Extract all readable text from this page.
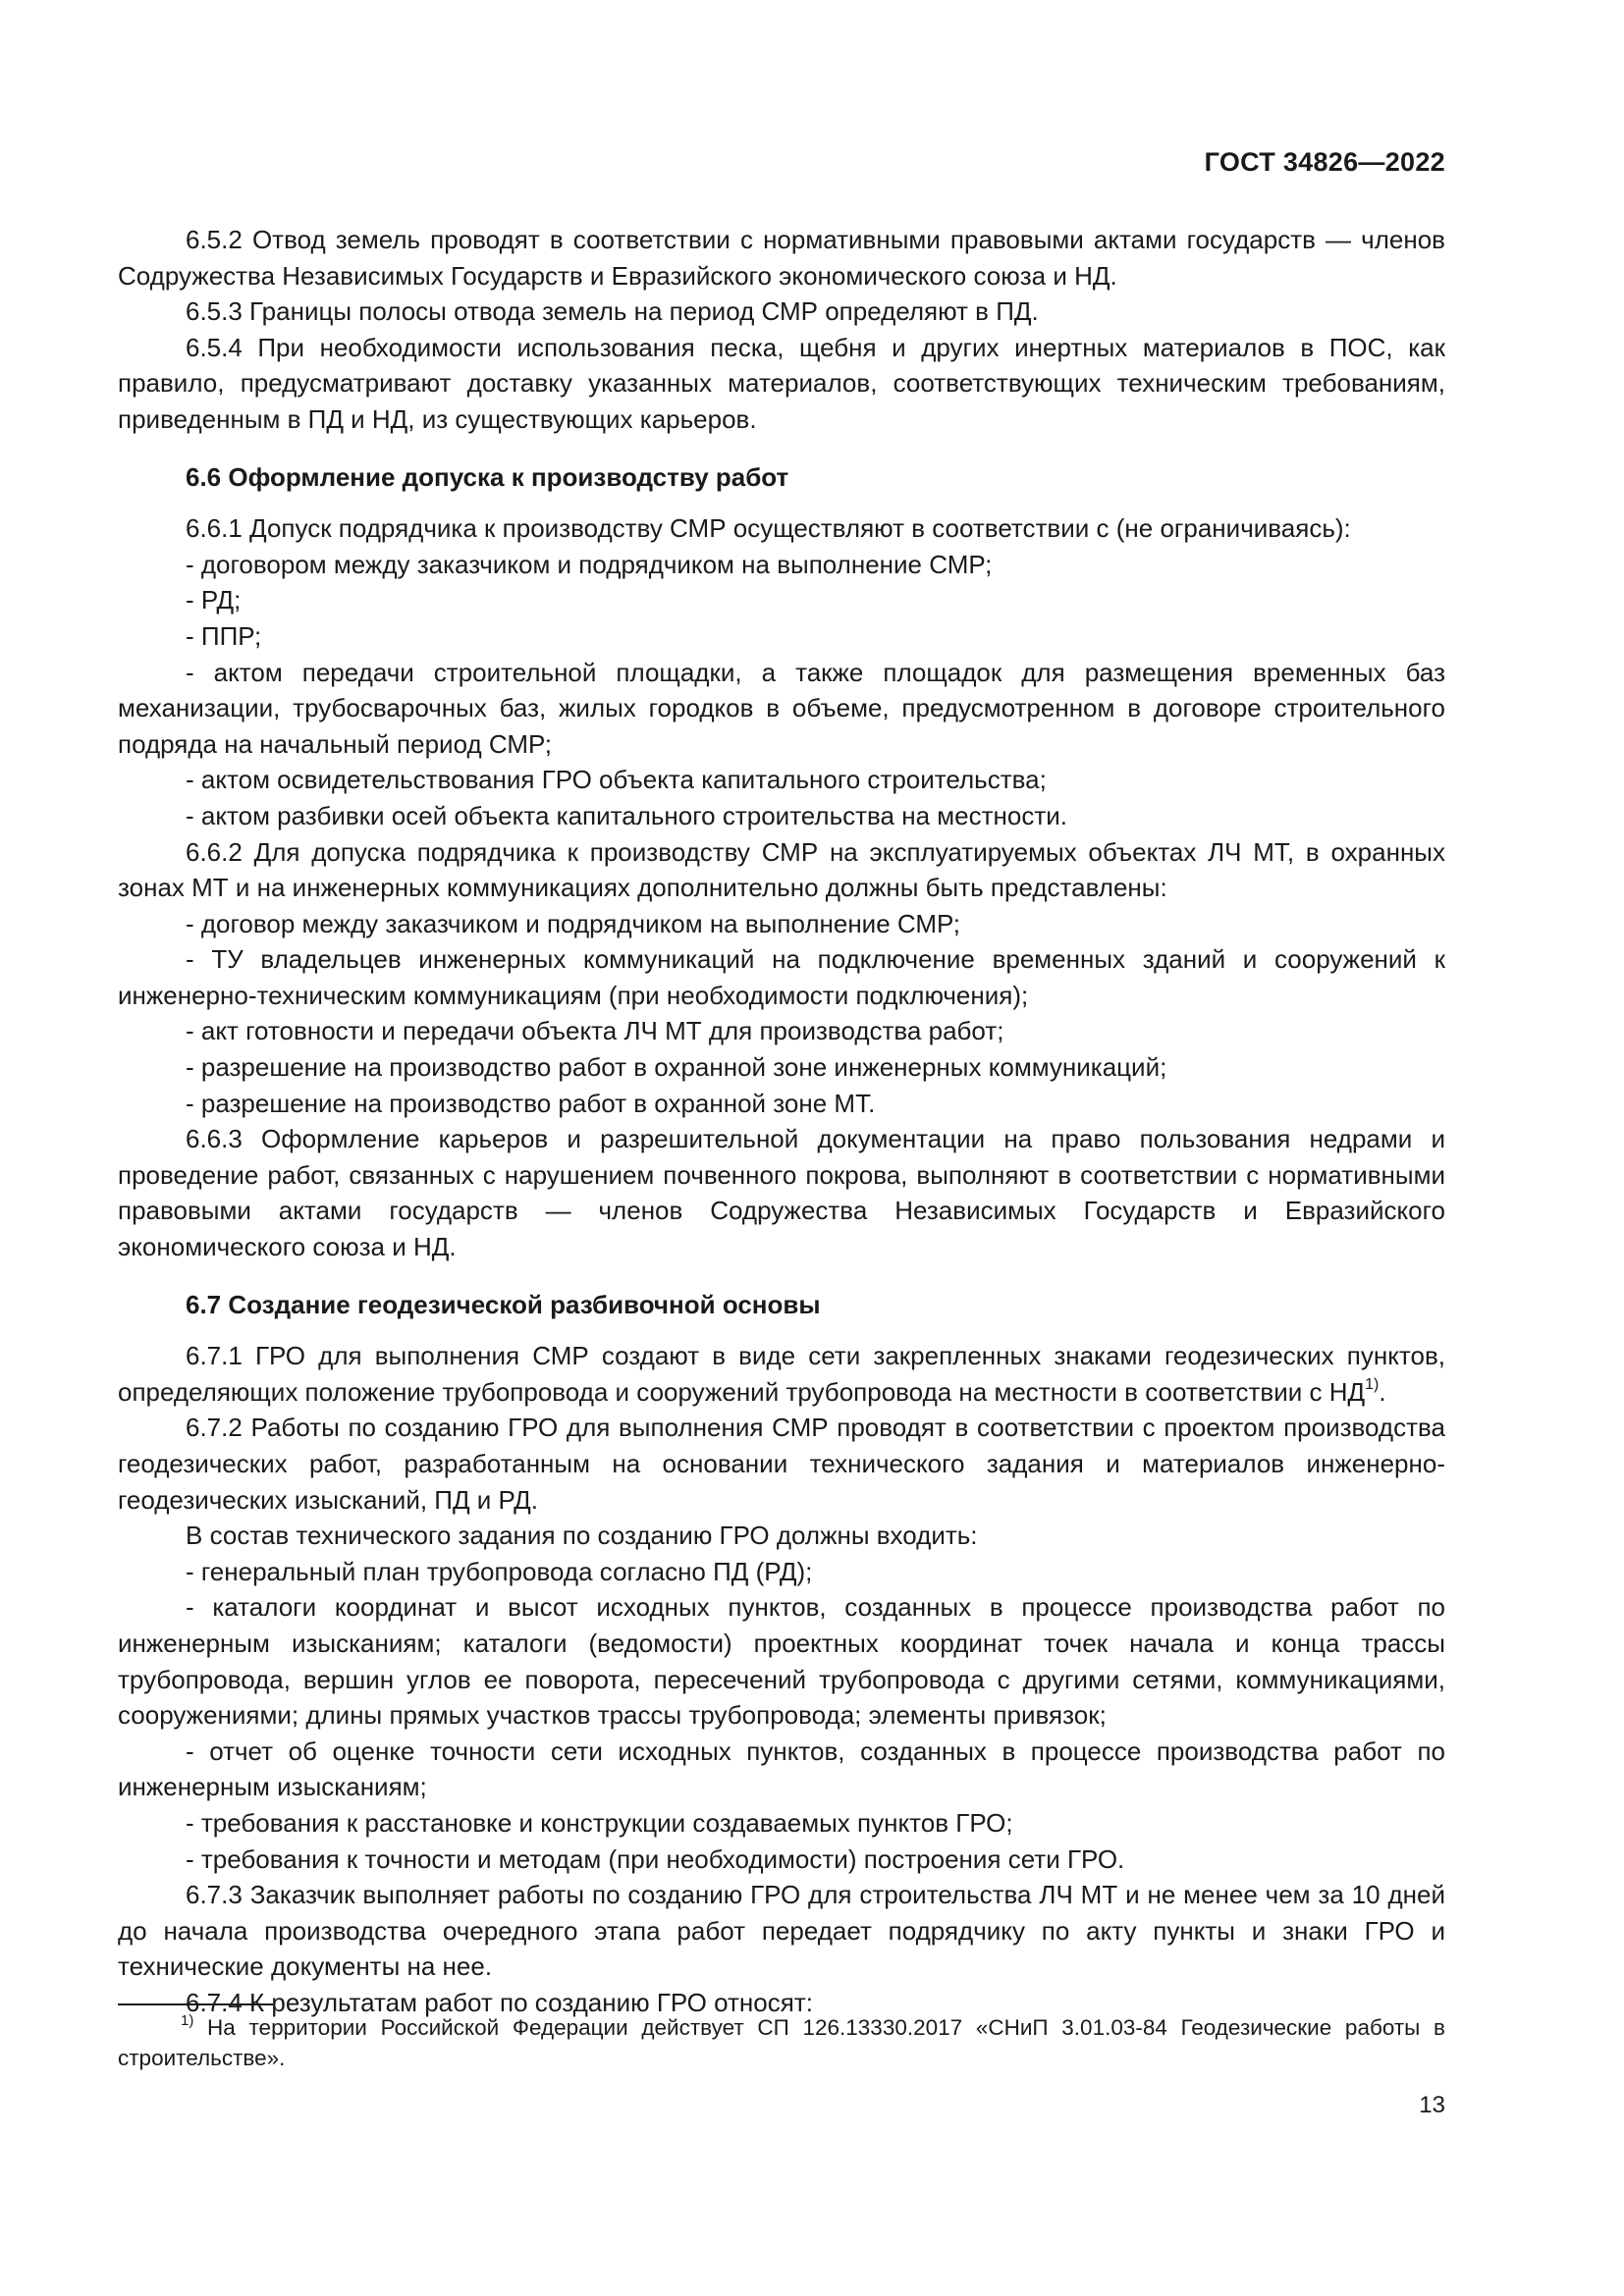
ГОСТ 34826—2022

6.5.2 Отвод земель проводят в соответствии с нормативными правовыми актами государств — членов Содружества Независимых Государств и Евразийского экономического союза и НД.

6.5.3 Границы полосы отвода земель на период СМР определяют в ПД.

6.5.4 При необходимости использования песка, щебня и других инертных материалов в ПОС, как правило, предусматривают доставку указанных материалов, соответствующих техническим требованиям, приведенным в ПД и НД, из существующих карьеров.

6.6 Оформление допуска к производству работ

6.6.1 Допуск подрядчика к производству СМР осуществляют в соответствии с (не ограничиваясь):

- договором между заказчиком и подрядчиком на выполнение СМР;

- РД;

- ППР;

- актом передачи строительной площадки, а также площадок для размещения временных баз механизации, трубосварочных баз, жилых городков в объеме, предусмотренном в договоре строительного подряда на начальный период СМР;

- актом освидетельствования ГРО объекта капитального строительства;

- актом разбивки осей объекта капитального строительства на местности.

6.6.2 Для допуска подрядчика к производству СМР на эксплуатируемых объектах ЛЧ МТ, в охранных зонах МТ и на инженерных коммуникациях дополнительно должны быть представлены:

- договор между заказчиком и подрядчиком на выполнение СМР;

- ТУ владельцев инженерных коммуникаций на подключение временных зданий и сооружений к инженерно-техническим коммуникациям (при необходимости подключения);

- акт готовности и передачи объекта ЛЧ МТ для производства работ;

- разрешение на производство работ в охранной зоне инженерных коммуникаций;

- разрешение на производство работ в охранной зоне МТ.

6.6.3 Оформление карьеров и разрешительной документации на право пользования недрами и проведение работ, связанных с нарушением почвенного покрова, выполняют в соответствии с нормативными правовыми актами государств — членов Содружества Независимых Государств и Евразийского экономического союза и НД.

6.7 Создание геодезической разбивочной основы

6.7.1 ГРО для выполнения СМР создают в виде сети закрепленных знаками геодезических пунктов, определяющих положение трубопровода и сооружений трубопровода на местности в соответствии с НД$^{1)}$.

6.7.2 Работы по созданию ГРО для выполнения СМР проводят в соответствии с проектом производства геодезических работ, разработанным на основании технического задания и материалов инженерно-геодезических изысканий, ПД и РД.

В состав технического задания по созданию ГРО должны входить:

- генеральный план трубопровода согласно ПД (РД);

- каталоги координат и высот исходных пунктов, созданных в процессе производства работ по инженерным изысканиям; каталоги (ведомости) проектных координат точек начала и конца трассы трубопровода, вершин углов ее поворота, пересечений трубопровода с другими сетями, коммуникациями, сооружениями; длины прямых участков трассы трубопровода; элементы привязок;

- отчет об оценке точности сети исходных пунктов, созданных в процессе производства работ по инженерным изысканиям;

- требования к расстановке и конструкции создаваемых пунктов ГРО;

- требования к точности и методам (при необходимости) построения сети ГРО.

6.7.3 Заказчик выполняет работы по созданию ГРО для строительства ЛЧ МТ и не менее чем за 10 дней до начала производства очередного этапа работ передает подрядчику по акту пункты и знаки ГРО и технические документы на нее.

6.7.4 К результатам работ по созданию ГРО относят:

$^{1)}$ На территории Российской Федерации действует СП 126.13330.2017 «СНиП 3.01.03-84 Геодезические работы в строительстве».
13
